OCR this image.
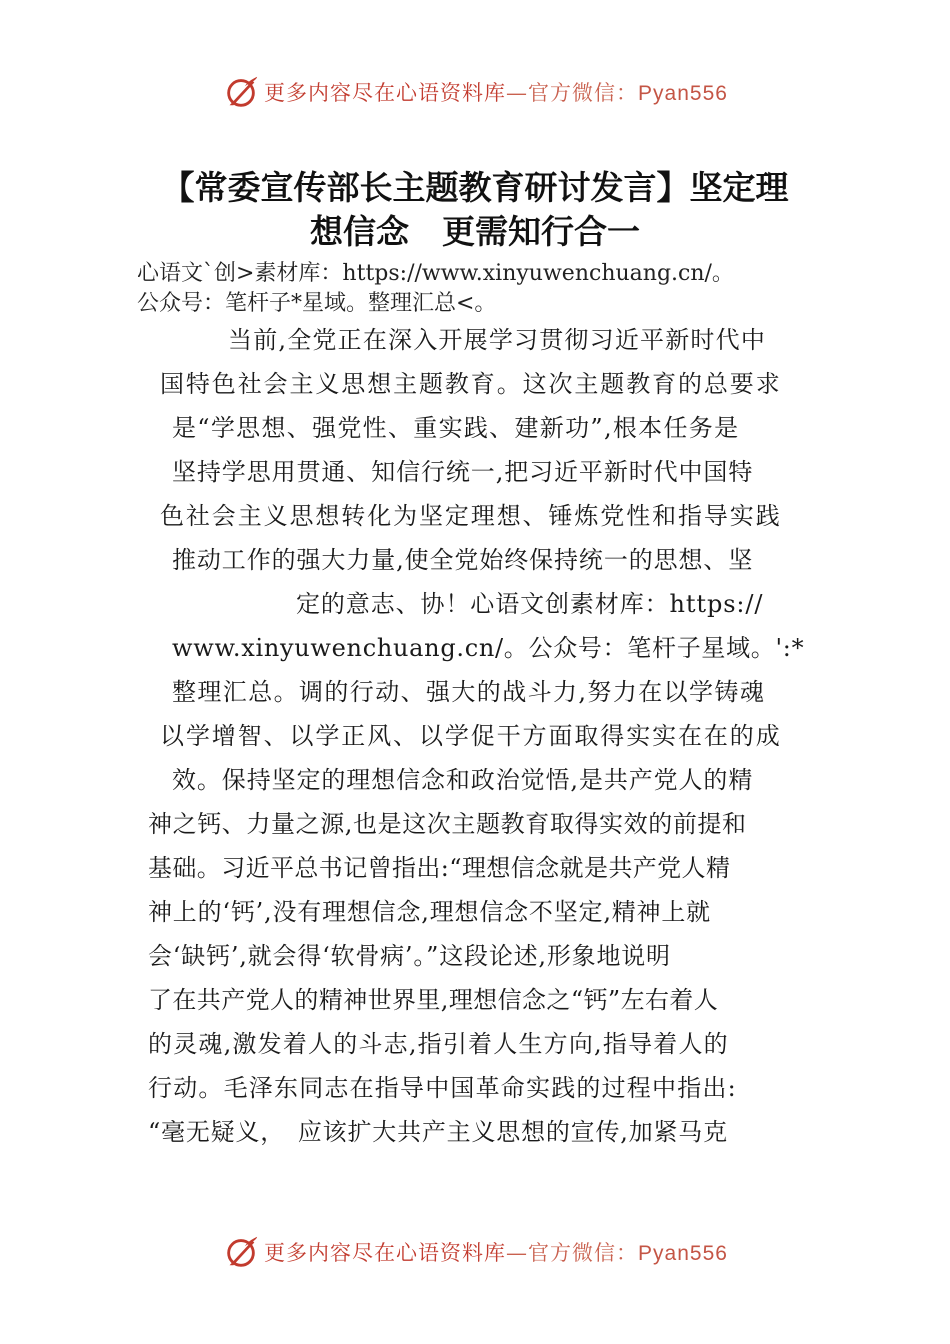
更多内容尽在心语资料库—官方微信：Pyan556
【常委宣传部长主题教育研讨发言】坚定理
想信念　更需知行合一
心语文`创>素材库：https://www.xinyuwenchuang.cn/。
公众号：笔杆子*星域。整理汇总<。
当前,全党正在深入开展学习贯彻习近平新时代中
国特色社会主义思想主题教育。这次主题教育的总要求
是“学思想、强党性、重实践、建新功”,根本任务是
坚持学思用贯通、知信行统一,把习近平新时代中国特
色社会主义思想转化为坚定理想、锤炼党性和指导实践
推动工作的强大力量,使全党始终保持统一的思想、坚
定的意志、协！心语文创素材库：https://
www.xinyuwenchuang.cn/。公众号：笔杆子星域。':*
整理汇总。调的行动、强大的战斗力,努力在以学铸魂
以学增智、以学正风、以学促干方面取得实实在在的成
效。保持坚定的理想信念和政治觉悟,是共产党人的精
神之钙、力量之源,也是这次主题教育取得实效的前提和
基础。习近平总书记曾指出:“理想信念就是共产党人精
神上的‘钙’,没有理想信念,理想信念不坚定,精神上就
会‘缺钙’,就会得‘软骨病’。”这段论述,形象地说明
了在共产党人的精神世界里,理想信念之“钙”左右着人
的灵魂,激发着人的斗志,指引着人生方向,指导着人的
行动。毛泽东同志在指导中国革命实践的过程中指出:
“毫无疑义，　应该扩大共产主义思想的宣传,加紧马克
更多内容尽在心语资料库—官方微信：Pyan556
